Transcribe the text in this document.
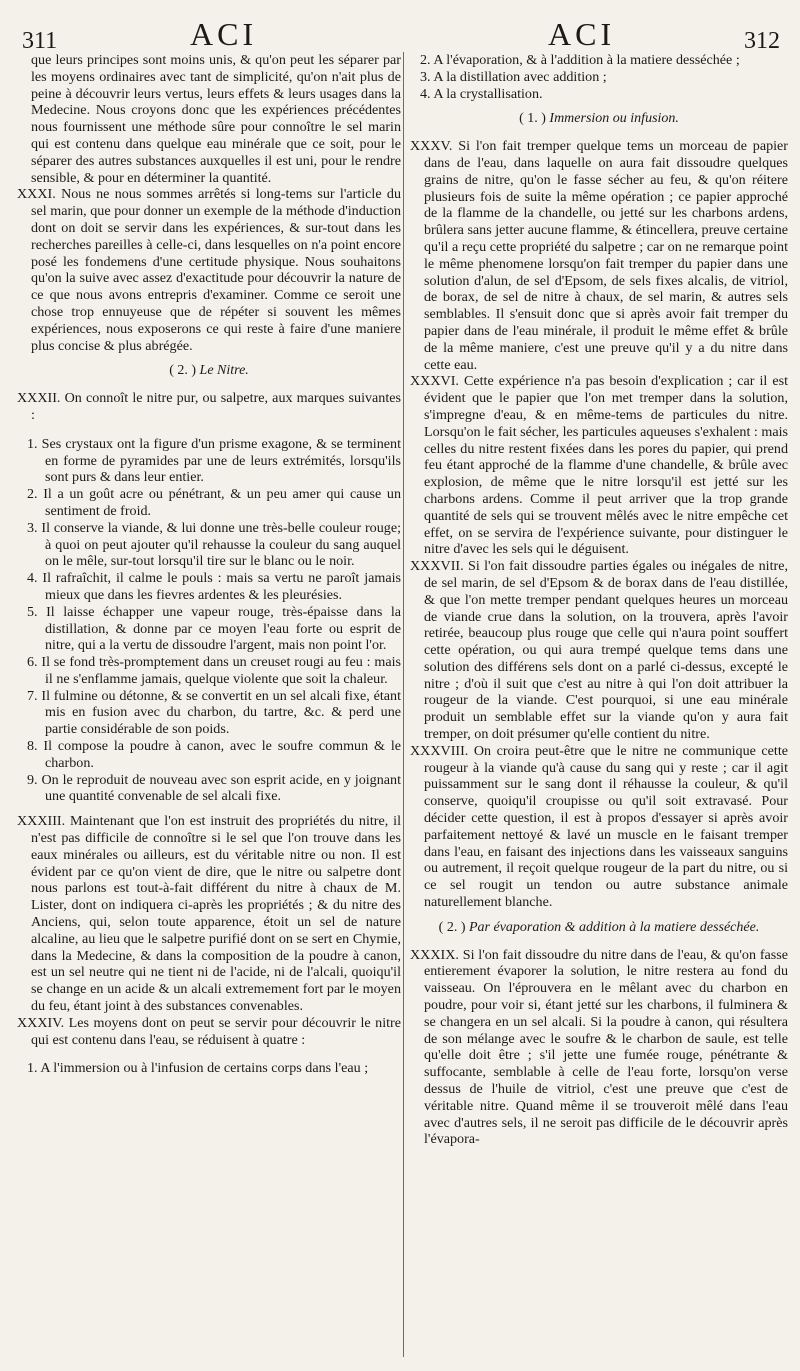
311	ACI	ACI	312

que leurs principes sont moins unis, & qu'on peut les séparer par les moyens ordinaires avec tant de simplicité, qu'on n'ait plus de peine à découvrir leurs vertus, leurs effets & leurs usages dans la Medecine. Nous croyons donc que les expériences précédentes nous fournissent une méthode sûre pour connoître le sel marin qui est contenu dans quelque eau minérale que ce soit, pour le séparer des autres substances auxquelles il est uni, pour le rendre sensible, & pour en déterminer la quantité.

XXXI. Nous ne nous sommes arrêtés si long-tems sur l'article du sel marin, que pour donner un exemple de la méthode d'induction dont on doit se servir dans les expériences, & sur-tout dans les recherches pareilles à celle-ci, dans lesquelles on n'a point encore posé les fondemens d'une certitude physique. Nous souhaitons qu'on la suive avec assez d'exactitude pour découvrir la nature de ce que nous avons entrepris d'examiner. Comme ce seroit une chose trop ennuyeuse que de répéter si souvent les mêmes expériences, nous exposerons ce qui reste à faire d'une maniere plus concise & plus abrégée.

( 2. ) Le Nitre.

XXXII. On connoît le nitre pur, ou salpetre, aux marques suivantes :

1. Ses crystaux ont la figure d'un prisme exagone, & se terminent en forme de pyramides par une de leurs extrémités, lorsqu'ils sont purs & dans leur entier.

2. Il a un goût acre ou pénétrant, & un peu amer qui cause un sentiment de froid.

3. Il conserve la viande, & lui donne une très-belle couleur rouge; à quoi on peut ajouter qu'il rehausse la couleur du sang auquel on le mêle, sur-tout lorsqu'il tire sur le blanc ou le noir.

4. Il rafraîchit, il calme le pouls : mais sa vertu ne paroît jamais mieux que dans les fievres ardentes & les pleurésies.

5. Il laisse échapper une vapeur rouge, très-épaisse dans la distillation, & donne par ce moyen l'eau forte ou esprit de nitre, qui a la vertu de dissoudre l'argent, mais non point l'or.

6. Il se fond très-promptement dans un creuset rougi au feu : mais il ne s'enflamme jamais, quelque violente que soit la chaleur.

7. Il fulmine ou détonne, & se convertit en un sel alcali fixe, étant mis en fusion avec du charbon, du tartre, &c. & perd une partie considérable de son poids.

8. Il compose la poudre à canon, avec le soufre commun & le charbon.

9. On le reproduit de nouveau avec son esprit acide, en y joignant une quantité convenable de sel alcali fixe.

XXXIII. Maintenant que l'on est instruit des propriétés du nitre, il n'est pas difficile de connoître si le sel que l'on trouve dans les eaux minérales ou ailleurs, est du véritable nitre ou non. Il est évident par ce qu'on vient de dire, que le nitre ou salpetre dont nous parlons est tout-à-fait différent du nitre à chaux de M. Lister, dont on indiquera ci-après les propriétés ; & du nitre des Anciens, qui, selon toute apparence, étoit un sel de nature alcaline, au lieu que le salpetre purifié dont on se sert en Chymie, dans la Medecine, & dans la composition de la poudre à canon, est un sel neutre qui ne tient ni de l'acide, ni de l'alcali, quoiqu'il se change en un acide & un alcali extremement fort par le moyen du feu, étant joint à des substances convenables.

XXXIV. Les moyens dont on peut se servir pour découvrir le nitre qui est contenu dans l'eau, se réduisent à quatre :

1. A l'immersion ou à l'infusion de certains corps dans l'eau ;

2. A l'évaporation, & à l'addition à la matiere desséchée ;

3. A la distillation avec addition ;

4. A la crystallisation.

( 1. ) Immersion ou infusion.

XXXV. Si l'on fait tremper quelque tems un morceau de papier dans de l'eau, dans laquelle on aura fait dissoudre quelques grains de nitre, qu'on le fasse sécher au feu, & qu'on réitere plusieurs fois de suite la même opération ; ce papier approché de la flamme de la chandelle, ou jetté sur les charbons ardens, brûlera sans jetter aucune flamme, & étincellera, preuve certaine qu'il a reçu cette propriété du salpetre ; car on ne remarque point le même phenomene lorsqu'on fait tremper du papier dans une solution d'alun, de sel d'Epsom, de sels fixes alcalis, de vitriol, de borax, de sel de nitre à chaux, de sel marin, & autres sels semblables. Il s'ensuit donc que si après avoir fait tremper du papier dans de l'eau minérale, il produit le même effet & brûle de la même maniere, c'est une preuve qu'il y a du nitre dans cette eau.

XXXVI. Cette expérience n'a pas besoin d'explication ; car il est évident que le papier que l'on met tremper dans la solution, s'impregne d'eau, & en même-tems de particules du nitre. Lorsqu'on le fait sécher, les particules aqueuses s'exhalent : mais celles du nitre restent fixées dans les pores du papier, qui prend feu étant approché de la flamme d'une chandelle, & brûle avec explosion, de même que le nitre lorsqu'il est jetté sur les charbons ardens. Comme il peut arriver que la trop grande quantité de sels qui se trouvent mêlés avec le nitre empêche cet effet, on se servira de l'expérience suivante, pour distinguer le nitre d'avec les sels qui le déguisent.

XXXVII. Si l'on fait dissoudre parties égales ou inégales de nitre, de sel marin, de sel d'Epsom & de borax dans de l'eau distillée, & que l'on mette tremper pendant quelques heures un morceau de viande crue dans la solution, on la trouvera, après l'avoir retirée, beaucoup plus rouge que celle qui n'aura point souffert cette opération, ou qui aura trempé quelque tems dans une solution des différens sels dont on a parlé ci-dessus, excepté le nitre ; d'où il suit que c'est au nitre à qui l'on doit attribuer la rougeur de la viande. C'est pourquoi, si une eau minérale produit un semblable effet sur la viande qu'on y aura fait tremper, on doit présumer qu'elle contient du nitre.

XXXVIII. On croira peut-être que le nitre ne communique cette rougeur à la viande qu'à cause du sang qui y reste ; car il agit puissamment sur le sang dont il réhausse la couleur, & qu'il conserve, quoiqu'il croupisse ou qu'il soit extravasé. Pour décider cette question, il est à propos d'essayer si après avoir parfaitement nettoyé & lavé un muscle en le faisant tremper dans l'eau, en faisant des injections dans les vaisseaux sanguins ou autrement, il reçoit quelque rougeur de la part du nitre, ou si ce sel rougit un tendon ou autre substance animale naturellement blanche.

( 2. ) Par évaporation & addition à la matiere desséchée.

XXXIX. Si l'on fait dissoudre du nitre dans de l'eau, & qu'on fasse entierement évaporer la solution, le nitre restera au fond du vaisseau. On l'éprouvera en le mêlant avec du charbon en poudre, pour voir si, étant jetté sur les charbons, il fulminera & se changera en un sel alcali. Si la poudre à canon, qui résultera de son mélange avec le soufre & le charbon de saule, est telle qu'elle doit être ; s'il jette une fumée rouge, pénétrante & suffocante, semblable à celle de l'eau forte, lorsqu'on verse dessus de l'huile de vitriol, c'est une preuve que c'est de véritable nitre. Quand même il se trouveroit mêlé dans l'eau avec d'autres sels, il ne seroit pas difficile de le découvrir après l'évapora-
